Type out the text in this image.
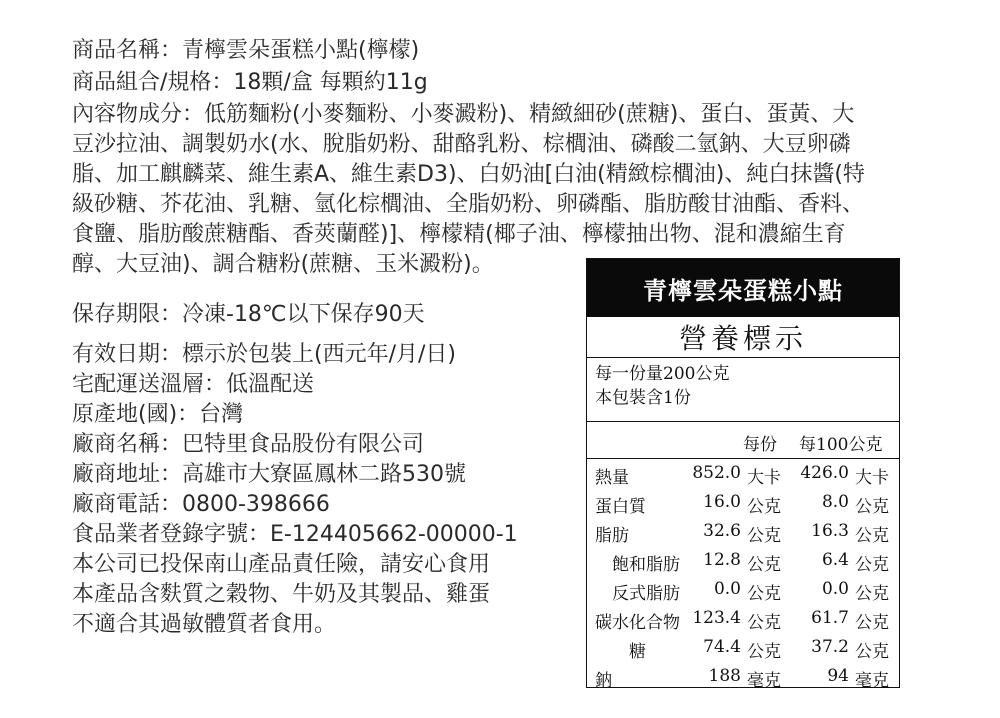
商品名稱：青檸雲朵蛋糕小點(檸檬)
商品組合/規格：18顆/盒 每顆約11g
內容物成分：低筋麵粉(小麥麵粉、小麥澱粉)、精緻細砂(蔗糖)、蛋白、蛋黃、大
豆沙拉油、調製奶水(水、脫脂奶粉、甜酪乳粉、棕櫚油、磷酸二氫鈉、大豆卵磷
脂、加工麒麟菜、維生素A、維生素D3)、白奶油[白油(精緻棕櫚油)、純白抹醬(特
級砂糖、芥花油、乳糖、氫化棕櫚油、全脂奶粉、卵磷酯、脂肪酸甘油酯、香料、
食鹽、脂肪酸蔗糖酯、香莢蘭醛)]、檸檬精(椰子油、檸檬抽出物、混和濃縮生育
醇、大豆油)、調合糖粉(蔗糖、玉米澱粉)。
保存期限：冷凍-18℃以下保存90天
有效日期：標示於包裝上(西元年/月/日)
宅配運送溫層：低溫配送
原產地(國)：台灣
廠商名稱：巴特里食品股份有限公司
廠商地址：高雄市大寮區鳳林二路530號
廠商電話：0800-398666
食品業者登錄字號：E-124405662-00000-1
本公司已投保南山產品責任險，請安心食用
本產品含麩質之穀物、牛奶及其製品、雞蛋
不適合其過敏體質者食用。
青檸雲朵蛋糕小點
營養標示
每一份量200公克
本包裝含1份
每份 每100公克
熱量	852.0 大卡 426.0 大卡
蛋白質	16.0 公克 8.0 公克
脂肪	32.6 公克 16.3 公克
　飽和脂肪 12.8 公克 6.4 公克
　反式脂肪 0.0 公克 0.0 公克
碳水化合物 123.4 公克 61.7 公克
　　糖	74.4 公克 37.2 公克
鈉	188 毫克	94 毫克
